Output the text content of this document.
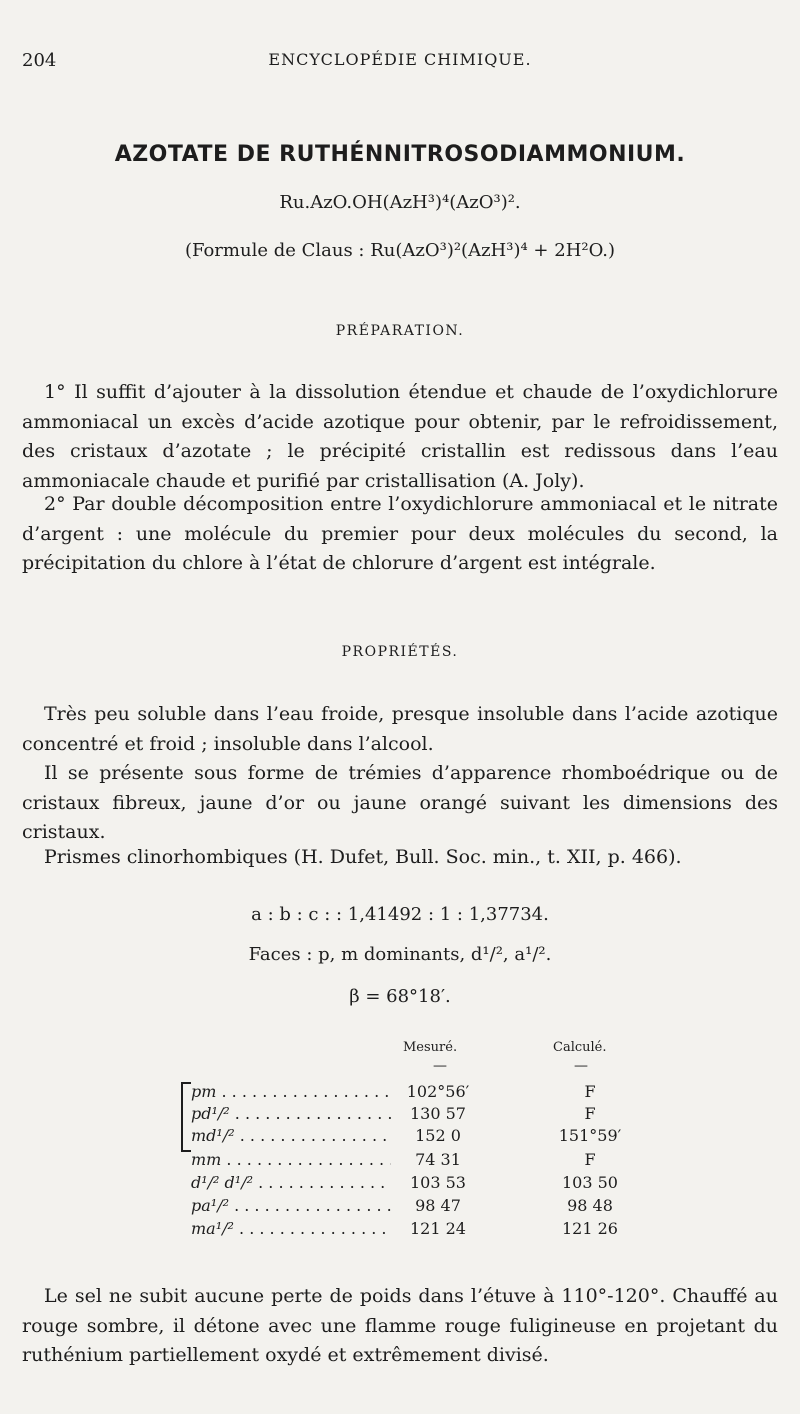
204	ENCYCLOPÉDIE CHIMIQUE.
AZOTATE DE RUTHÉNNITROSODIAMMONIUM.
Ru.AzO.OH(AzH³)⁴(AzO³)².
(Formule de Claus : Ru(AzO³)²(AzH³)⁴ + 2H²O.)
PRÉPARATION.
1° Il suffit d’ajouter à la dissolution étendue et chaude de l’oxydichlorure ammoniacal un excès d’acide azotique pour obtenir, par le refroidissement, des cristaux d’azotate ; le précipité cristallin est redissous dans l’eau ammoniacale chaude et purifié par cristallisation (A. Joly).
2° Par double décomposition entre l’oxydichlorure ammoniacal et le nitrate d’argent : une molécule du premier pour deux molécules du second, la précipitation du chlore à l’état de chlorure d’argent est intégrale.
PROPRIÉTÉS.
Très peu soluble dans l’eau froide, presque insoluble dans l’acide azotique concentré et froid ; insoluble dans l’alcool.
Il se présente sous forme de trémies d’apparence rhomboédrique ou de cristaux fibreux, jaune d’or ou jaune orangé suivant les dimensions des cristaux.
Prismes clinorhombiques (H. Dufet, Bull. Soc. min., t. XII, p. 466).
a : b : c : : 1,41492 : 1 : 1,37734.
Faces : p, m dominants, d¹/², a¹/².
β = 68°18′.
Mesuré.	Calculé.
—	—
pm . . .	102°56′	F
pd¹/² . . .	130 57	F
md¹/² . . .	152 0	151°59′
mm . . .	74 31	F
d¹/² d¹/² . . .	103 53	103 50
pa¹/² . . .	98 47	98 48
ma¹/² . . .	121 24	121 26
Le sel ne subit aucune perte de poids dans l’étuve à 110°-120°. Chauffé au rouge sombre, il détone avec une flamme rouge fuligineuse en projetant du ruthénium partiellement oxydé et extrêmement divisé.
